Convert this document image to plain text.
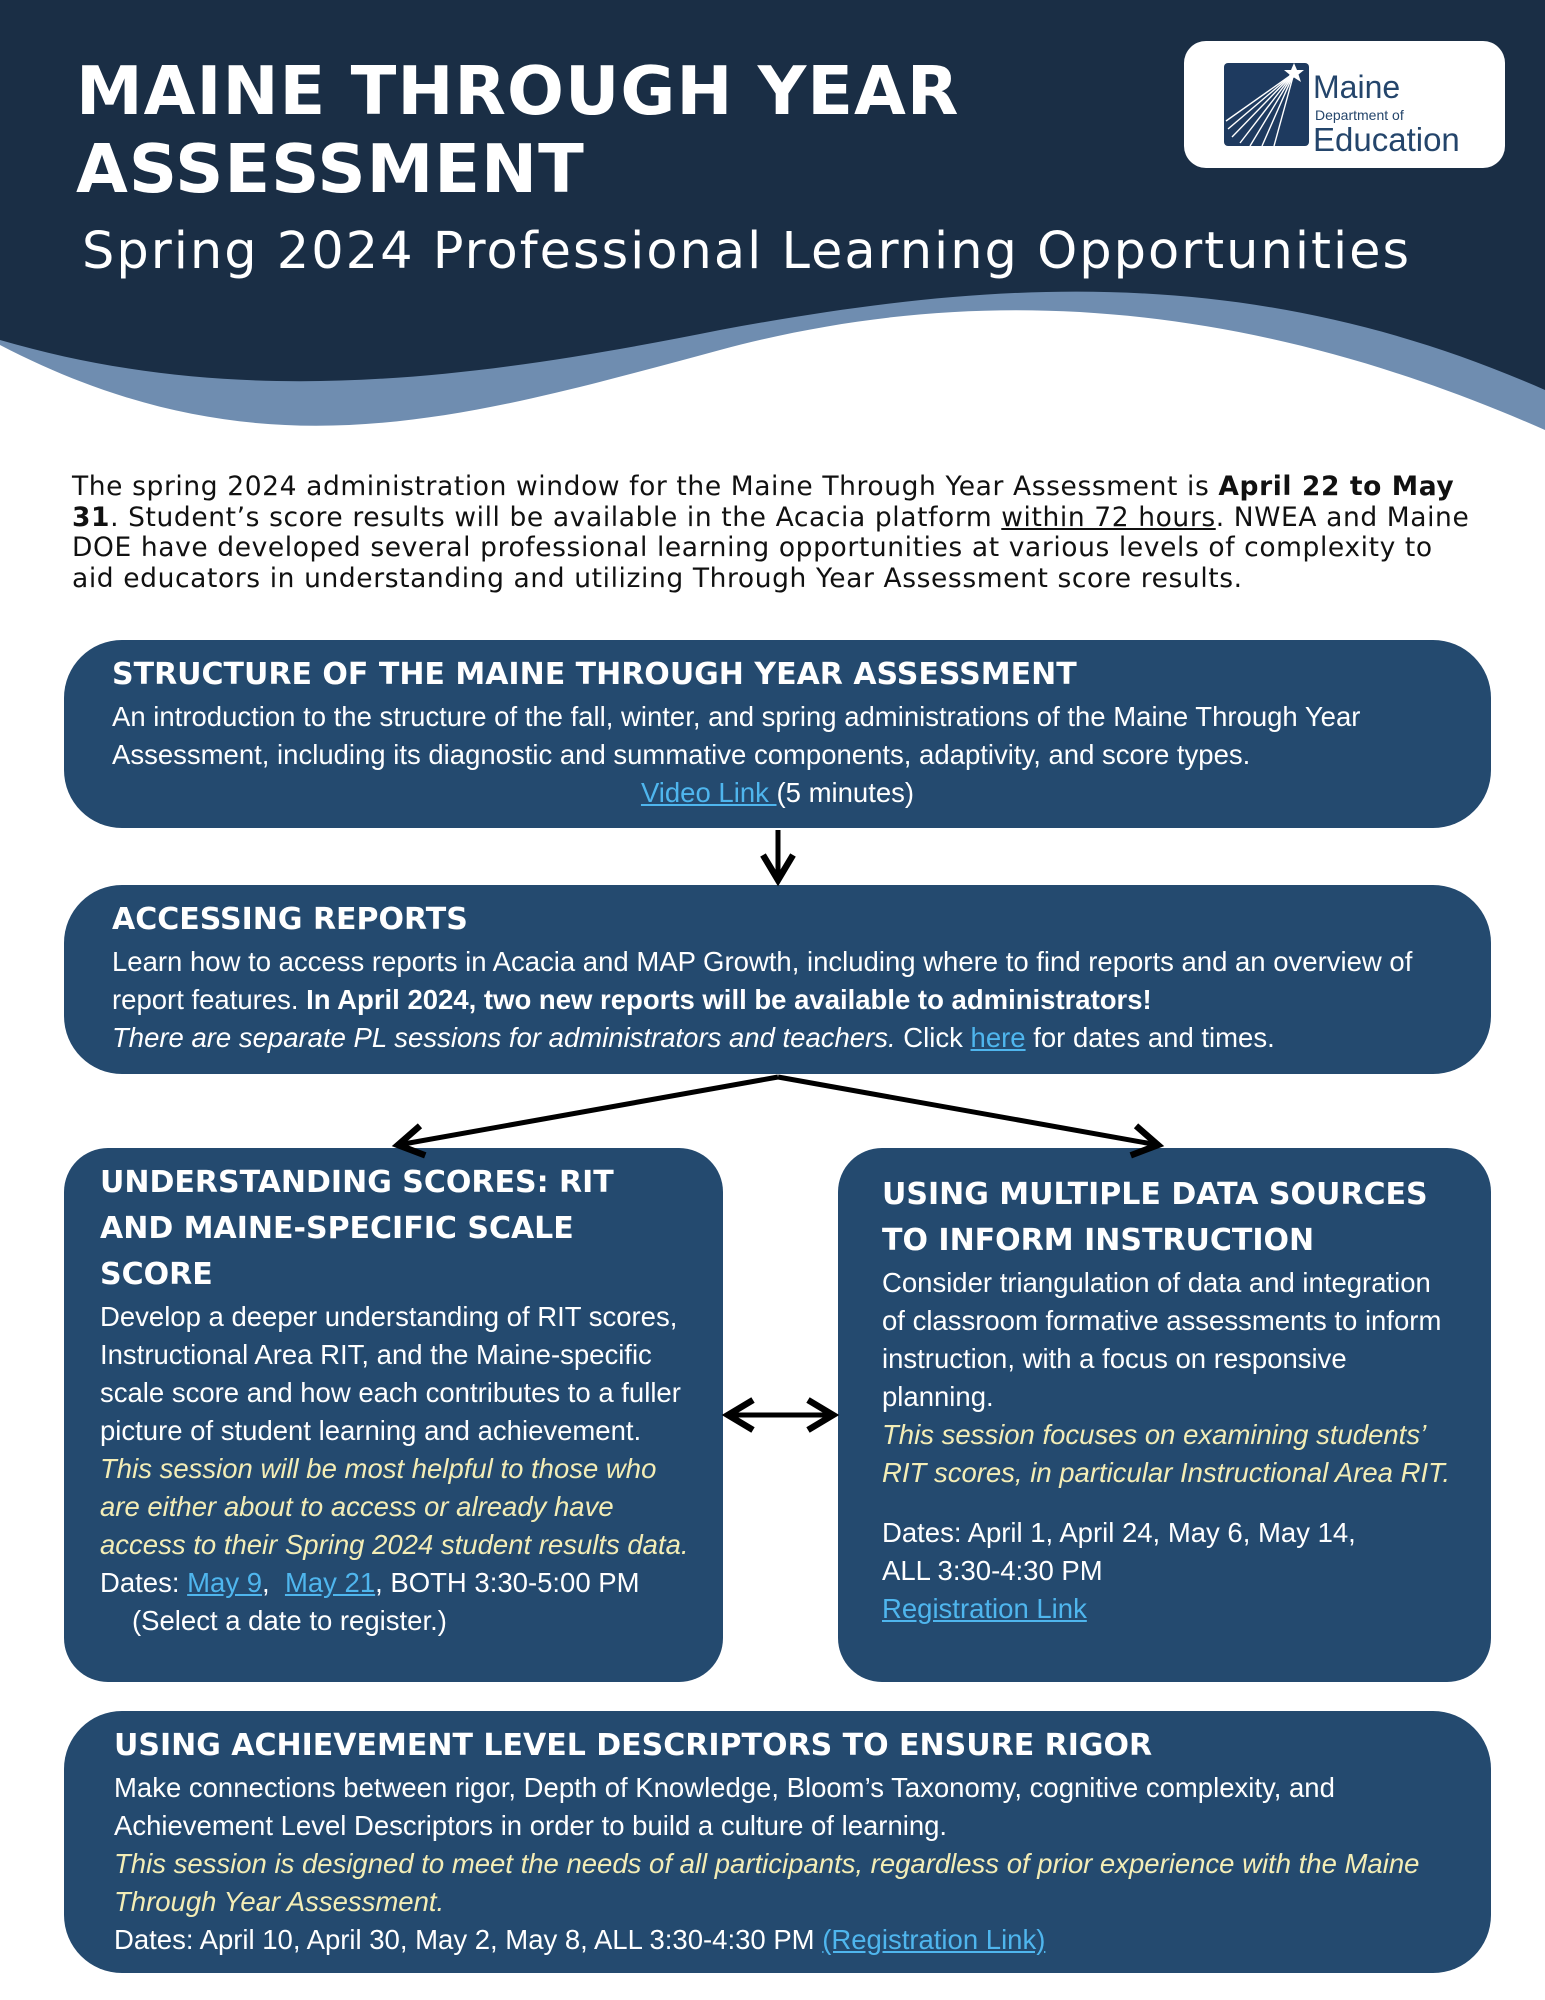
MAINE THROUGH YEAR
ASSESSMENT
Spring 2024 Professional Learning Opportunities
Maine
Department of
Education

The spring 2024 administration window for the Maine Through Year Assessment is April 22 to May 31. Student’s score results will be available in the Acacia platform within 72 hours. NWEA and Maine DOE have developed several professional learning opportunities at various levels of complexity to aid educators in understanding and utilizing Through Year Assessment score results.

STRUCTURE OF THE MAINE THROUGH YEAR ASSESSMENT

An introduction to the structure of the fall, winter, and spring administrations of the Maine Through Year Assessment, including its diagnostic and summative components, adaptivity, and score types.

Video Link (5 minutes)

ACCESSING REPORTS

Learn how to access reports in Acacia and MAP Growth, including where to find reports and an overview of report features. In April 2024, two new reports will be available to administrators!

There are separate PL sessions for administrators and teachers. Click here for dates and times.

UNDERSTANDING SCORES: RIT AND MAINE-SPECIFIC SCALE SCORE

Develop a deeper understanding of RIT scores, Instructional Area RIT, and the Maine-specific scale score and how each contributes to a fuller picture of student learning and achievement.

This session will be most helpful to those who are either about to access or already have access to their Spring 2024 student results data.

Dates: May 9,  May 21, BOTH 3:30-5:00 PM

(Select a date to register.)

USING MULTIPLE DATA SOURCES TO INFORM INSTRUCTION

Consider triangulation of data and integration of classroom formative assessments to inform instruction, with a focus on responsive planning.

This session focuses on examining students’ RIT scores, in particular Instructional Area RIT.

Dates: April 1, April 24, May 6, May 14,

ALL 3:30-4:30 PM

Registration Link

USING ACHIEVEMENT LEVEL DESCRIPTORS TO ENSURE RIGOR

Make connections between rigor, Depth of Knowledge, Bloom’s Taxonomy, cognitive complexity, and Achievement Level Descriptors in order to build a culture of learning.

This session is designed to meet the needs of all participants, regardless of prior experience with the Maine Through Year Assessment.

Dates: April 10, April 30, May 2, May 8, ALL 3:30-4:30 PM (Registration Link)
